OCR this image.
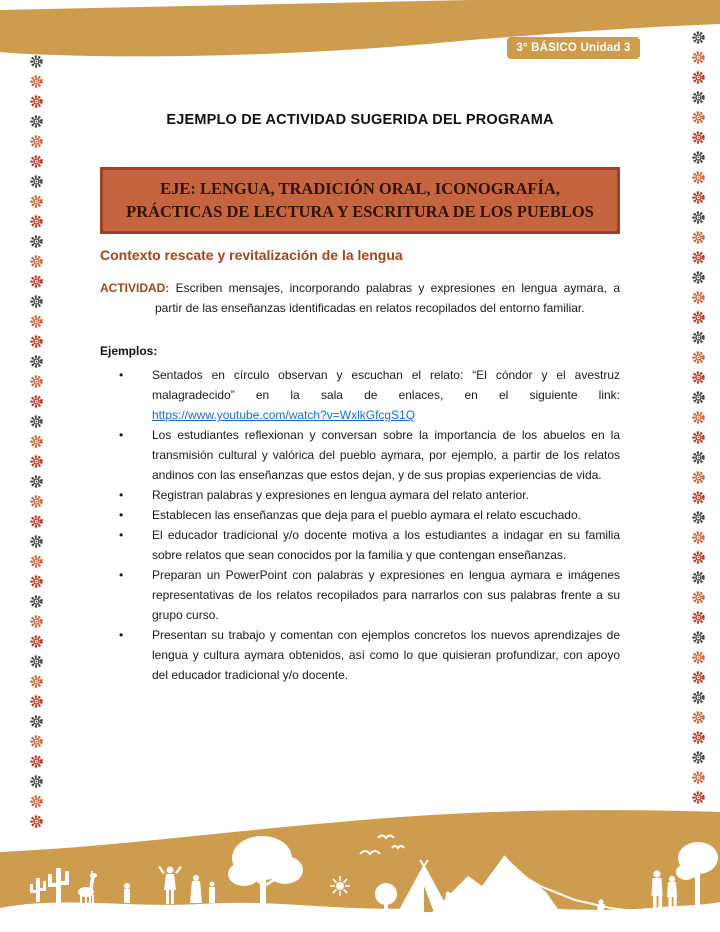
3° BÁSICO Unidad 3
EJEMPLO DE ACTIVIDAD SUGERIDA DEL PROGRAMA
EJE: LENGUA, TRADICIÓN ORAL, ICONOGRAFÍA,
PRÁCTICAS DE LECTURA Y ESCRITURA DE LOS PUEBLOS
Contexto rescate y revitalización de la lengua

ACTIVIDAD: Escriben mensajes, incorporando palabras y expresiones en lengua aymara, a partir de las enseñanzas identificadas en relatos recopilados del entorno familiar.

Ejemplos:
• Sentados en círculo observan y escuchan el relato: “El cóndor y el avestruz malagradecido” en la sala de enlaces, en el siguiente link: https://www.youtube.com/watch?v=WxlkGfcgS1Q
• Los estudiantes reflexionan y conversan sobre la importancia de los abuelos en la transmisión cultural y valórica del pueblo aymara, por ejemplo, a partir de los relatos andinos con las enseñanzas que estos dejan, y de sus propias experiencias de vida.
• Registran palabras y expresiones en lengua aymara del relato anterior.
• Establecen las enseñanzas que deja para el pueblo aymara el relato escuchado.
• El educador tradicional y/o docente motiva a los estudiantes a indagar en su familia sobre relatos que sean conocidos por la familia y que contengan enseñanzas.
• Preparan un PowerPoint con palabras y expresiones en lengua aymara e imágenes representativas de los relatos recopilados para narrarlos con sus palabras frente a su grupo curso.
• Presentan su trabajo y comentan con ejemplos concretos los nuevos aprendizajes de lengua y cultura aymara obtenidos, así como lo que quisieran profundizar, con apoyo del educador tradicional y/o docente.
